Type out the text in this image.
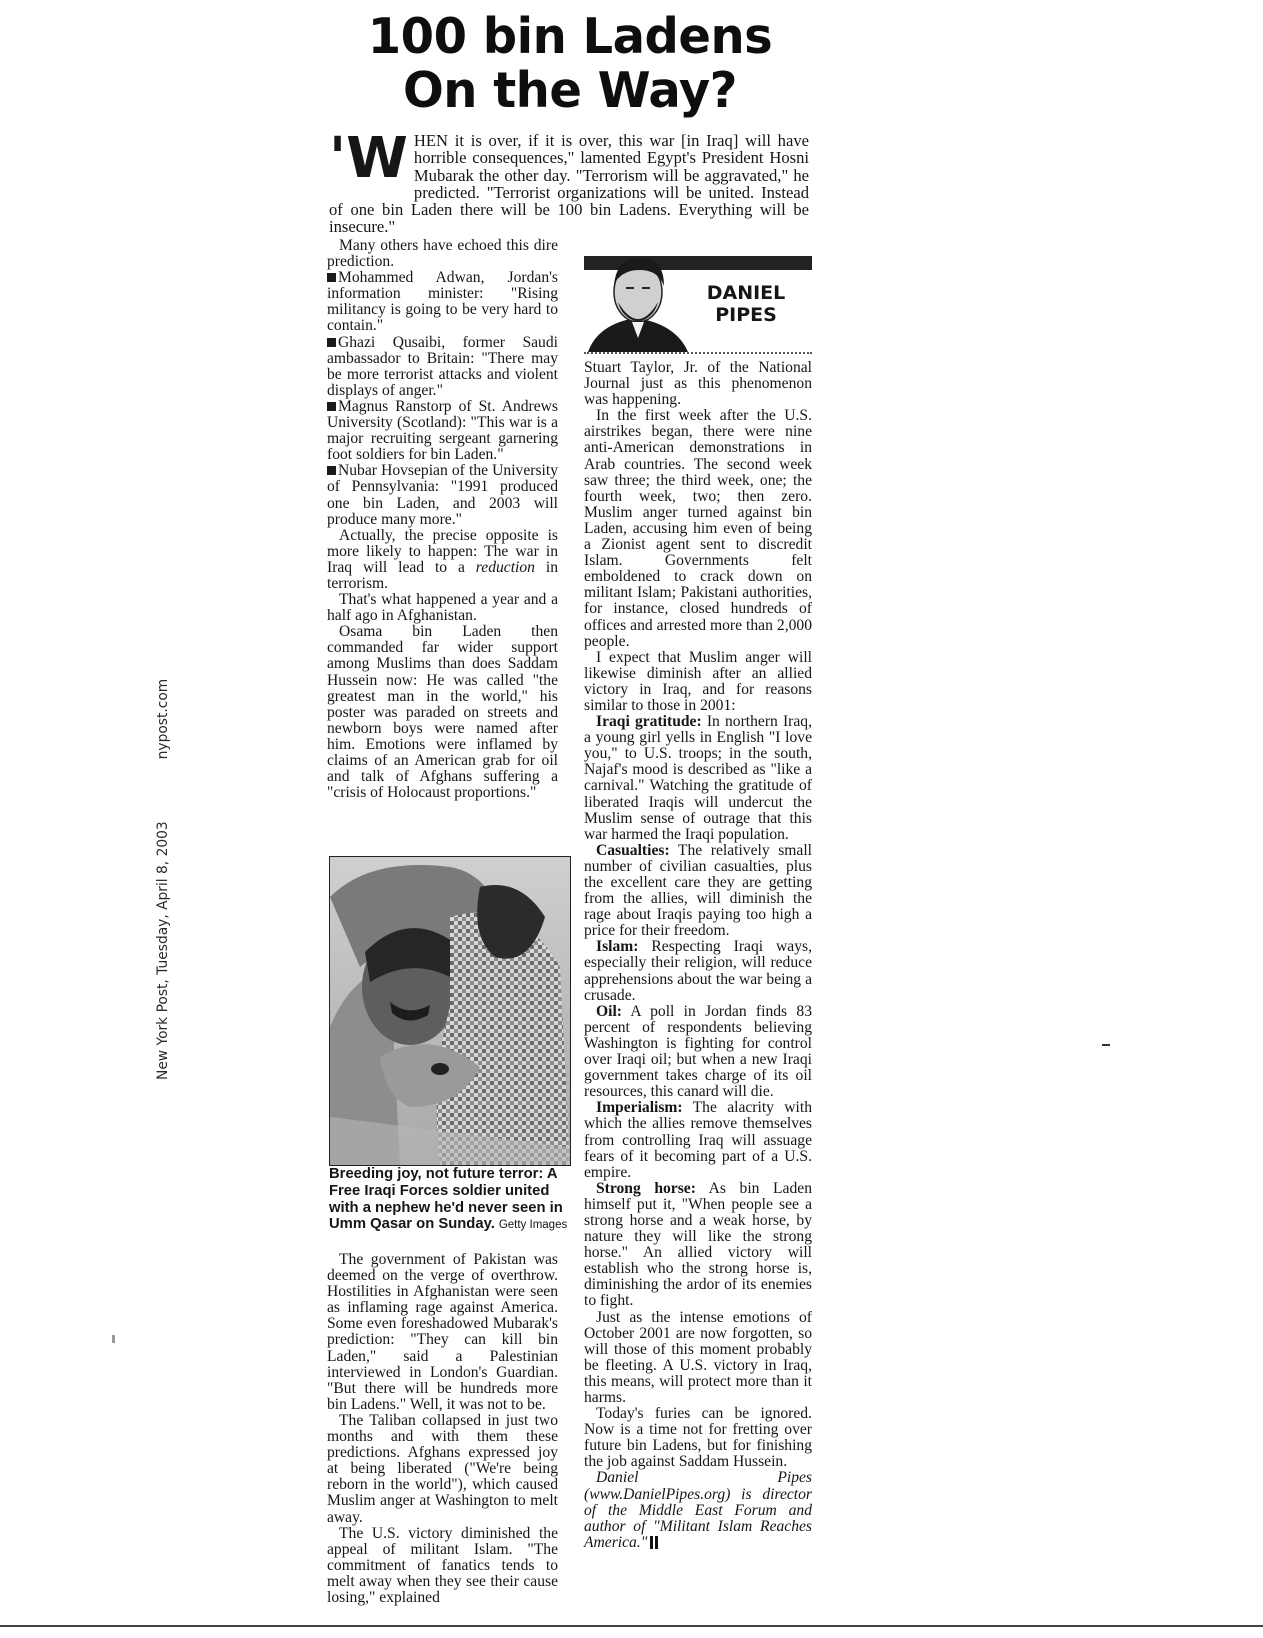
New York Post, Tuesday, April 8, 2003nypost.com
100 bin Ladens
On the Way?

'WHEN it is over, if it is over, this war [in Iraq] will have horrible consequences," lamented Egypt's President Hosni Mubarak the other day. "Terrorism will be aggravated," he predicted. "Terrorist organizations will be united. Instead of one bin Laden there will be 100 bin Ladens. Everything will be insecure."

Many others have echoed this dire prediction.

Mohammed Adwan, Jordan's information minister: "Rising militancy is going to be very hard to contain."

Ghazi Qusaibi, former Saudi ambassador to Britain: "There may be more terrorist attacks and violent displays of anger."

Magnus Ranstorp of St. Andrews University (Scotland): "This war is a major recruiting sergeant garnering foot soldiers for bin Laden."

Nubar Hovsepian of the University of Pennsylvania: "1991 produced one bin Laden, and 2003 will produce many more."

Actually, the precise opposite is more likely to happen: The war in Iraq will lead to a reduction in terrorism.

That's what happened a year and a half ago in Afghanistan.

Osama bin Laden then commanded far wider support among Muslims than does Saddam Hussein now: He was called "the greatest man in the world," his poster was paraded on streets and newborn boys were named after him. Emotions were inflamed by claims of an American grab for oil and talk of Afghans suffering a "crisis of Holocaust proportions."

Breeding joy, not future terror: A Free Iraqi Forces soldier united with a nephew he'd never seen in Umm Qasar on Sunday. Getty Images

The government of Pakistan was deemed on the verge of overthrow. Hostilities in Afghanistan were seen as inflaming rage against America. Some even foreshadowed Mubarak's prediction: "They can kill bin Laden," said a Palestinian interviewed in London's Guardian. "But there will be hundreds more bin Ladens." Well, it was not to be.

The Taliban collapsed in just two months and with them these predictions. Afghans expressed joy at being liberated ("We're being reborn in the world"), which caused Muslim anger at Washington to melt away.

The U.S. victory diminished the appeal of militant Islam. "The commitment of fanatics tends to melt away when they see their cause losing," explained

DANIEL
PIPES

Stuart Taylor, Jr. of the National Journal just as this phenomenon was happening.

In the first week after the U.S. airstrikes began, there were nine anti-American demonstrations in Arab countries. The second week saw three; the third week, one; the fourth week, two; then zero. Muslim anger turned against bin Laden, accusing him even of being a Zionist agent sent to discredit Islam. Governments felt emboldened to crack down on militant Islam; Pakistani authorities, for instance, closed hundreds of offices and arrested more than 2,000 people.

I expect that Muslim anger will likewise diminish after an allied victory in Iraq, and for reasons similar to those in 2001:

Iraqi gratitude: In northern Iraq, a young girl yells in English "I love you," to U.S. troops; in the south, Najaf's mood is described as "like a carnival." Watching the gratitude of liberated Iraqis will undercut the Muslim sense of outrage that this war harmed the Iraqi population.

Casualties: The relatively small number of civilian casualties, plus the excellent care they are getting from the allies, will diminish the rage about Iraqis paying too high a price for their freedom.

Islam: Respecting Iraqi ways, especially their religion, will reduce apprehensions about the war being a crusade.

Oil: A poll in Jordan finds 83 percent of respondents believing Washington is fighting for control over Iraqi oil; but when a new Iraqi government takes charge of its oil resources, this canard will die.

Imperialism: The alacrity with which the allies remove themselves from controlling Iraq will assuage fears of it becoming part of a U.S. empire.

Strong horse: As bin Laden himself put it, "When people see a strong horse and a weak horse, by nature they will like the strong horse." An allied victory will establish who the strong horse is, diminishing the ardor of its enemies to fight.

Just as the intense emotions of October 2001 are now forgotten, so will those of this moment probably be fleeting. A U.S. victory in Iraq, this means, will protect more than it harms.

Today's furies can be ignored. Now is a time not for fretting over future bin Ladens, but for finishing the job against Saddam Hussein.

Daniel Pipes (www.DanielPipes.org) is director of the Middle East Forum and author of "Militant Islam Reaches America."
